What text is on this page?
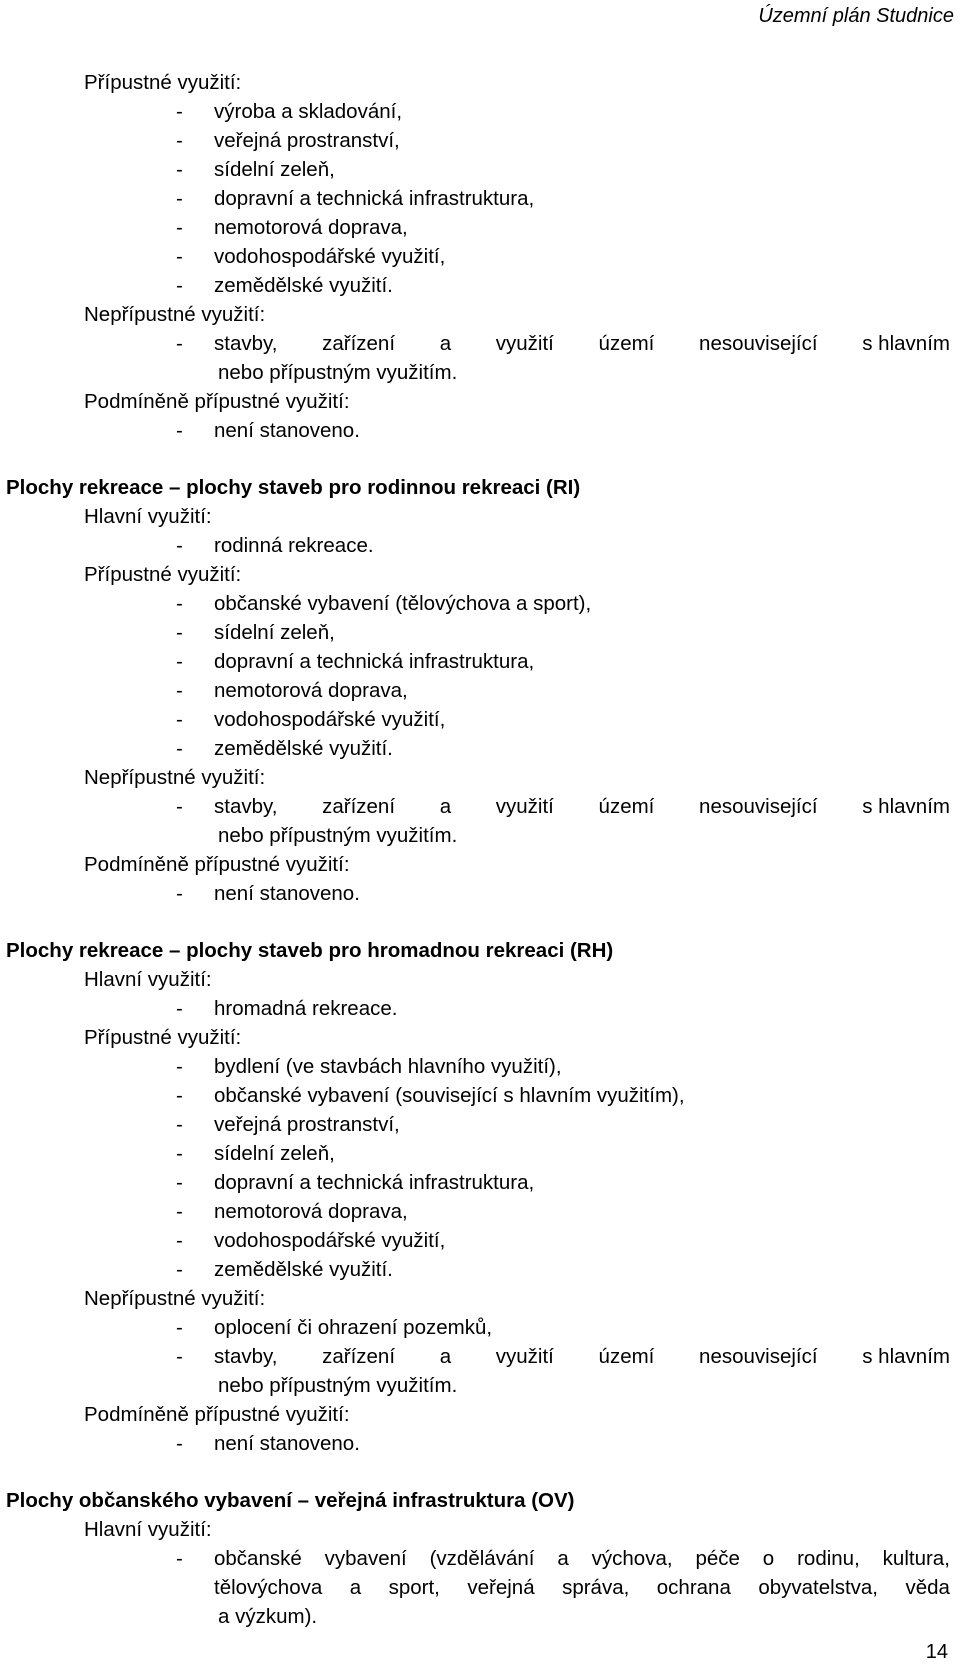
Územní plán Studnice
Přípustné využití:
- výroba a skladování,
- veřejná prostranství,
- sídelní zeleň,
- dopravní a technická infrastruktura,
- nemotorová doprava,
- vodohospodářské využití,
- zemědělské využití.
Nepřípustné využití:
- stavby, zařízení a využití území nesouvisející s hlavním
nebo přípustným využitím.
Podmíněně přípustné využití:
- není stanoveno.
Plochy rekreace – plochy staveb pro rodinnou rekreaci (RI)
Hlavní využití:
- rodinná rekreace.
Přípustné využití:
- občanské vybavení (tělovýchova a sport),
- sídelní zeleň,
- dopravní a technická infrastruktura,
- nemotorová doprava,
- vodohospodářské využití,
- zemědělské využití.
Nepřípustné využití:
- stavby, zařízení a využití území nesouvisející s hlavním
nebo přípustným využitím.
Podmíněně přípustné využití:
- není stanoveno.
Plochy rekreace – plochy staveb pro hromadnou rekreaci (RH)
Hlavní využití:
- hromadná rekreace.
Přípustné využití:
- bydlení (ve stavbách hlavního využití),
- občanské vybavení (související s hlavním využitím),
- veřejná prostranství,
- sídelní zeleň,
- dopravní a technická infrastruktura,
- nemotorová doprava,
- vodohospodářské využití,
- zemědělské využití.
Nepřípustné využití:
- oplocení či ohrazení pozemků,
- stavby, zařízení a využití území nesouvisející s hlavním
nebo přípustným využitím.
Podmíněně přípustné využití:
- není stanoveno.
Plochy občanského vybavení – veřejná infrastruktura (OV)
Hlavní využití:
- občanské vybavení (vzdělávání a výchova, péče o rodinu, kultura,
tělovýchova a sport, veřejná správa, ochrana obyvatelstva, věda
a výzkum).
14
